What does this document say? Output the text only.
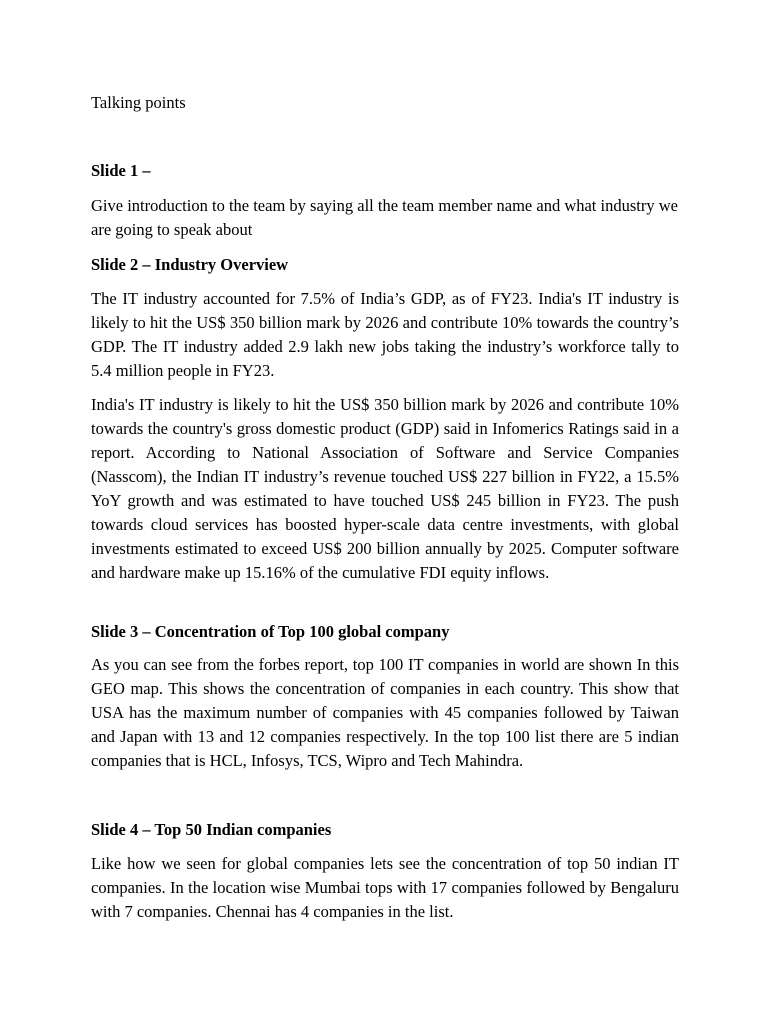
Talking points

Slide 1 –

Give introduction to the team by saying all the team member name and what industry we are going to speak about

Slide 2 – Industry Overview

The IT industry accounted for 7.5% of India’s GDP, as of FY23. India's IT industry is likely to hit the US$ 350 billion mark by 2026 and contribute 10% towards the country’s GDP. The IT industry added 2.9 lakh new jobs taking the industry’s workforce tally to 5.4 million people in FY23.

India's IT industry is likely to hit the US$ 350 billion mark by 2026 and contribute 10% towards the country's gross domestic product (GDP) said in Infomerics Ratings said in a report. According to National Association of Software and Service Companies (Nasscom), the Indian IT industry’s revenue touched US$ 227 billion in FY22, a 15.5% YoY growth and was estimated to have touched US$ 245 billion in FY23. The push towards cloud services has boosted hyper-scale data centre investments, with global investments estimated to exceed US$ 200 billion annually by 2025. Computer software and hardware make up 15.16% of the cumulative FDI equity inflows.

Slide 3 – Concentration of Top 100 global company

As you can see from the forbes report, top 100 IT companies in world are shown In this GEO map. This shows the concentration of companies in each country. This show that USA has the maximum number of companies with 45 companies followed by Taiwan and Japan with 13 and 12 companies respectively. In the top 100 list there are 5 indian companies that is HCL, Infosys, TCS, Wipro and Tech Mahindra.

Slide 4 – Top 50 Indian companies

Like how we seen for global companies lets see the concentration of top 50 indian IT companies. In the location wise Mumbai tops with 17 companies followed by Bengaluru with 7 companies. Chennai has 4 companies in the list.
